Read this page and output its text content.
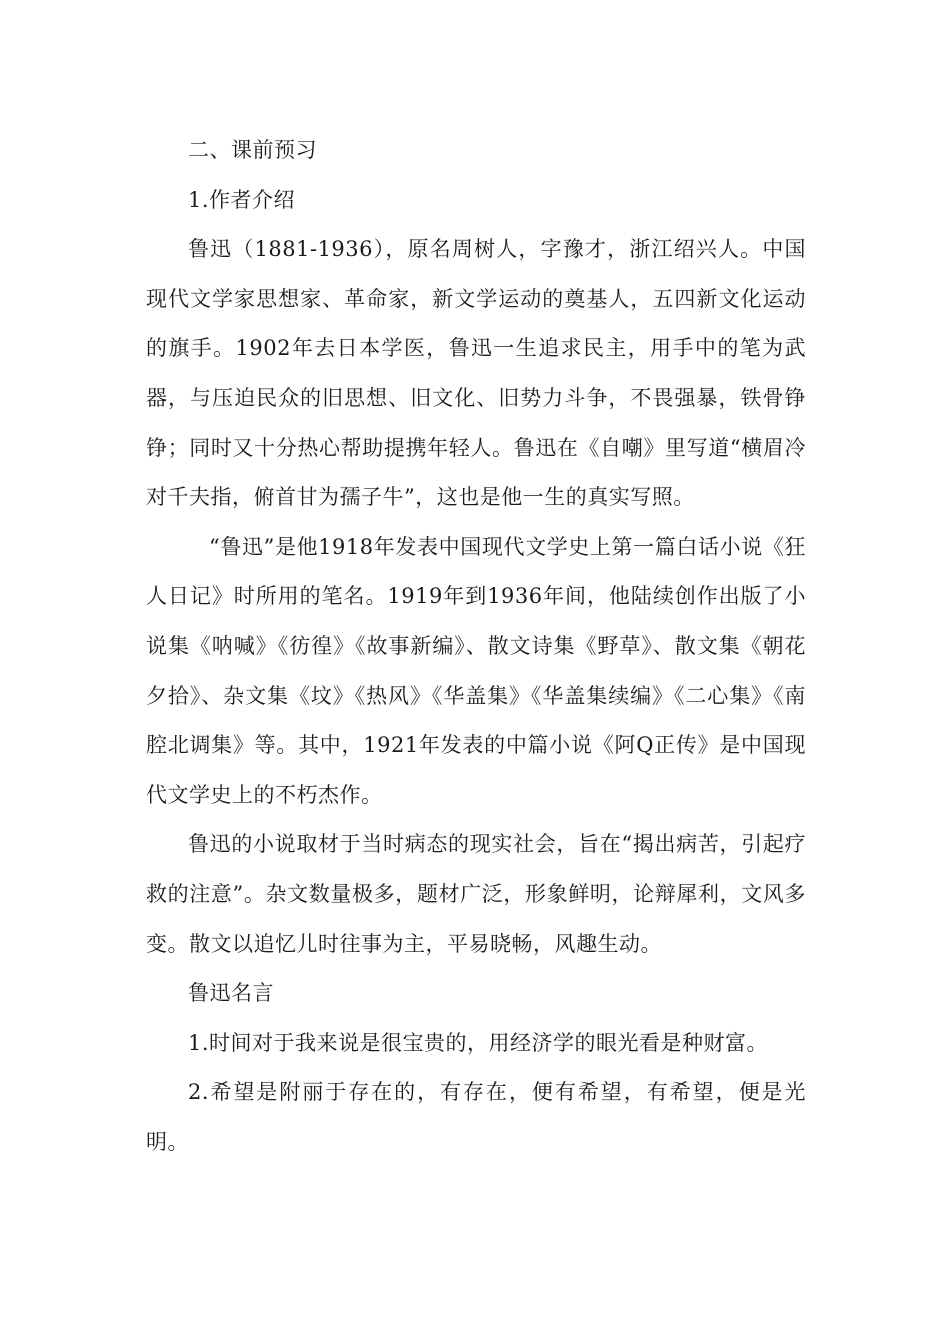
二、课前预习

1.作者介绍

鲁迅（1881-1936），原名周树人，字豫才，浙江绍兴人。中国现代文学家思想家、革命家，新文学运动的奠基人，五四新文化运动的旗手。1902年去日本学医，鲁迅一生追求民主，用手中的笔为武器，与压迫民众的旧思想、旧文化、旧势力斗争，不畏强暴，铁骨铮铮；同时又十分热心帮助提携年轻人。鲁迅在《自嘲》里写道“横眉冷对千夫指，俯首甘为孺子牛”，这也是他一生的真实写照。

“鲁迅”是他1918年发表中国现代文学史上第一篇白话小说《狂人日记》时所用的笔名。1919年到1936年间，他陆续创作出版了小说集《呐喊》《彷徨》《故事新编》、散文诗集《野草》、散文集《朝花夕拾》、杂文集《坟》《热风》《华盖集》《华盖集续编》《二心集》《南腔北调集》等。其中，1921年发表的中篇小说《阿Q正传》是中国现代文学史上的不朽杰作。

鲁迅的小说取材于当时病态的现实社会，旨在“揭出病苦，引起疗救的注意”。杂文数量极多，题材广泛，形象鲜明，论辩犀利，文风多变。散文以追忆儿时往事为主，平易晓畅，风趣生动。

鲁迅名言

1.时间对于我来说是很宝贵的，用经济学的眼光看是种财富。

2.希望是附丽于存在的，有存在，便有希望，有希望，便是光明。
